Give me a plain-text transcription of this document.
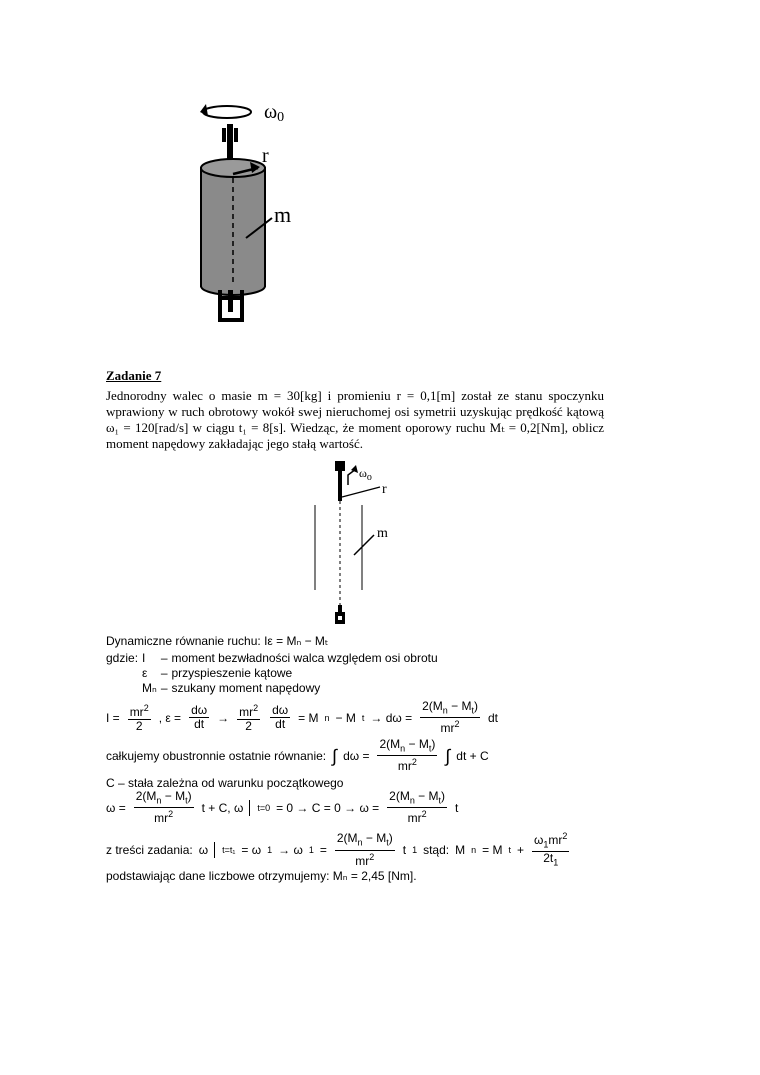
ω0
r
m
Zadanie 7
Jednorodny walec o masie m = 30[kg] i promieniu r = 0,1[m] został ze stanu spoczynku wprawiony w ruch obrotowy wokół swej nieruchomej osi symetrii uzyskując prędkość kątową ω₁ = 120[rad/s] w ciągu t₁ = 8[s]. Wiedząc, że moment oporowy ruchu Mₜ = 0,2[Nm], oblicz moment napędowy zakładając jego stałą wartość.
$\omega_o$
r
m
Dynamiczne równanie ruchu: Iε = Mₙ − Mₜ
gdzie:	I	–	moment bezwładności walca względem osi obrotu
	ε	–	przyspieszenie kątowe
	Mₙ	–	szukany moment napędowy
$I = \frac{mr^2}{2}$ , $\varepsilon = \frac{d\omega}{dt} \to \frac{mr^2}{2} \frac{d\omega}{dt} = M$ n − M $t \to d\omega = \frac{2(M_n - M_t)}{mr^2}$ dt
całkujemy obustronnie ostatnie równanie: ∫ $d\omega = \frac{2(M_n - M_t)}{mr^2}$ ∫ dt + C
C – stała zależna od warunku początkowego
$\omega = \frac{2(M_n - M_t)}{mr^2}$ t + C, ω $t=0 = 0 \to C = 0 \to \omega = \frac{2(M_n - M_t)}{mr^2}$ t
z treści zadania: ω t=t₁ = ω 1 → ω $1 = \frac{2(M_n - M_t)}{mr^2}$ t 1 stąd: M n = M $t + \frac{\omega_1mr^2}{2t_1}$
podstawiając dane liczbowe otrzymujemy: Mₙ = 2,45 [Nm].
